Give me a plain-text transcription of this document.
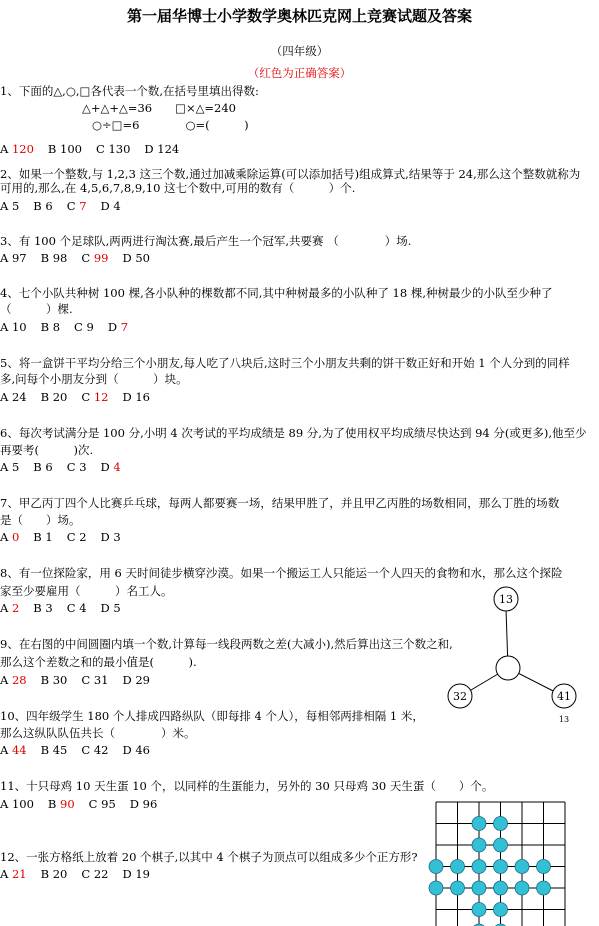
第一届华博士小学数学奥林匹克网上竞赛试题及答案
（四年级）
（红色为正确答案）
1、下面的△,○,□各代表一个数,在括号里填出得数:
△+△+△=36　　□×△=240
○÷□=6　　　　○=(　　　)
A 120 B 100 C 130 D 124
2、如果一个整数,与 1,2,3 这三个数,通过加减乘除运算(可以添加括号)组成算式,结果等于 24,那么这个整数就称为
可用的,那么,在 4,5,6,7,8,9,10 这七个数中,可用的数有（　　　）个.
A 5 B 6 C 7 D 4
3、有 100 个足球队,两两进行淘汰赛,最后产生一个冠军,共要赛 （　　　　）场.
A 97 B 98 C 99 D 50
4、七个小队共种树 100 棵,各小队种的棵数都不同,其中种树最多的小队种了 18 棵,种树最少的小队至少种了
（　　　）棵.
A 10 B 8 C 9 D 7
5、将一盒饼干平均分给三个小朋友,每人吃了八块后,这时三个小朋友共剩的饼干数正好和开始 1 个人分到的同样
多,问每个小朋友分到（　　　）块。
A 24 B 20 C 12 D 16
6、每次考试满分是 100 分,小明 4 次考试的平均成绩是 89 分,为了使用权平均成绩尽快达到 94 分(或更多),他至少
再要考(　　　)次.
A 5 B 6 C 3 D 4
7、甲乙丙丁四个人比赛乒乓球，每两人都要赛一场，结果甲胜了，并且甲乙丙胜的场数相同，那么丁胜的场数
是（　　）场。
A 0 B 1 C 2 D 3
8、有一位探险家，用 6 天时间徒步横穿沙漠。如果一个搬运工人只能运一个人四天的食物和水，那么这个探险
家至少要雇用（　　　）名工人。
A 2 B 3 C 4 D 5
9、在右图的中间圆圈内填一个数,计算每一线段两数之差(大减小),然后算出这三个数之和,
那么这个差数之和的最小值是(　　　).
A 28 B 30 C 31 D 29
10、四年级学生 180 个人排成四路纵队（即每排 4 个人），每相邻两排相隔 1 米，
那么这纵队队伍共长（　　　　）米。
A 44 B 45 C 42 D 46
11、十只母鸡 10 天生蛋 10 个，以同样的生蛋能力，另外的 30 只母鸡 30 天生蛋（　　）个。
A 100 B 90 C 95 D 96
12、一张方格纸上放着 20 个棋子,以其中 4 个棋子为顶点可以组成多少个正方形?
A 21 B 20 C 22 D 19
13
32	41
13
